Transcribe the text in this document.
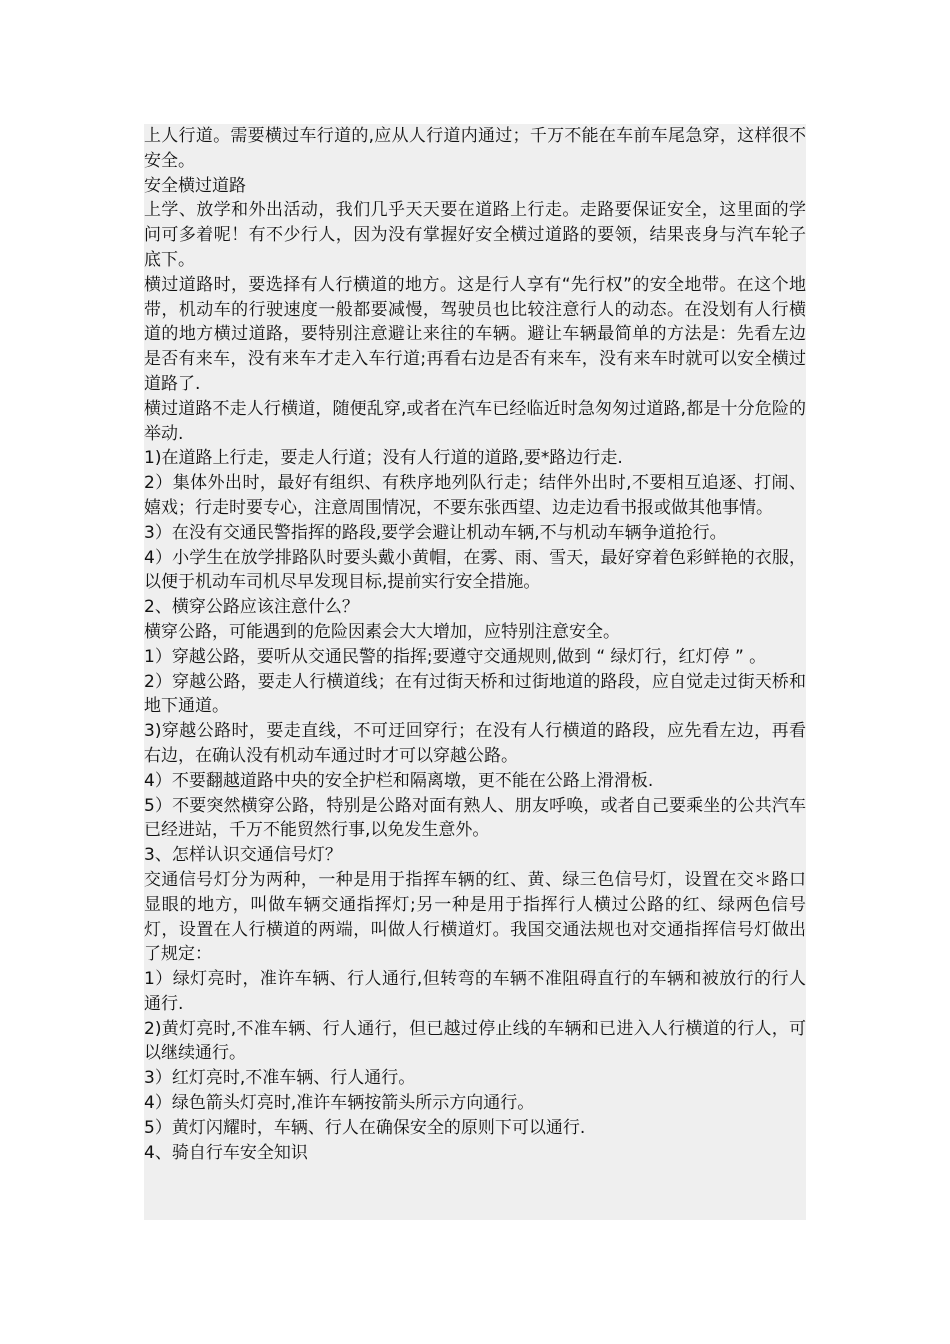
上人行道。需要横过车行道的,应从人行道内通过；千万不能在车前车尾急穿，这样很不安全。

安全横过道路

上学、放学和外出活动，我们几乎天天要在道路上行走。走路要保证安全，这里面的学问可多着呢！有不少行人，因为没有掌握好安全横过道路的要领，结果丧身与汽车轮子底下。

横过道路时，要选择有人行横道的地方。这是行人享有“先行权”的安全地带。在这个地带，机动车的行驶速度一般都要减慢，驾驶员也比较注意行人的动态。在没划有人行横道的地方横过道路，要特别注意避让来往的车辆。避让车辆最简单的方法是：先看左边是否有来车，没有来车才走入车行道;再看右边是否有来车，没有来车时就可以安全横过道路了.

横过道路不走人行横道，随便乱穿,或者在汽车已经临近时急匆匆过道路,都是十分危险的举动.

1)在道路上行走，要走人行道；没有人行道的道路,要*路边行走.

2）集体外出时，最好有组织、有秩序地列队行走；结伴外出时,不要相互追逐、打闹、嬉戏；行走时要专心，注意周围情况，不要东张西望、边走边看书报或做其他事情。

3）在没有交通民警指挥的路段,要学会避让机动车辆,不与机动车辆争道抢行。

4）小学生在放学排路队时要头戴小黄帽，在雾、雨、雪天，最好穿着色彩鲜艳的衣服，以便于机动车司机尽早发现目标,提前实行安全措施。

2、横穿公路应该注意什么？

横穿公路，可能遇到的危险因素会大大增加，应特别注意安全。

1）穿越公路，要听从交通民警的指挥;要遵守交通规则,做到 “ 绿灯行，红灯停 ” 。

2）穿越公路，要走人行横道线；在有过街天桥和过街地道的路段，应自觉走过街天桥和地下通道。

3)穿越公路时，要走直线，不可迂回穿行；在没有人行横道的路段，应先看左边，再看右边，在确认没有机动车通过时才可以穿越公路。

4）不要翻越道路中央的安全护栏和隔离墩，更不能在公路上滑滑板.

5）不要突然横穿公路，特别是公路对面有熟人、朋友呼唤，或者自己要乘坐的公共汽车已经进站，千万不能贸然行事,以免发生意外。

3、怎样认识交通信号灯？

交通信号灯分为两种，一种是用于指挥车辆的红、黄、绿三色信号灯，设置在交＊路口显眼的地方，叫做车辆交通指挥灯;另一种是用于指挥行人横过公路的红、绿两色信号灯，设置在人行横道的两端，叫做人行横道灯。我国交通法规也对交通指挥信号灯做出了规定：

1）绿灯亮时，准许车辆、行人通行,但转弯的车辆不准阻碍直行的车辆和被放行的行人通行.

2)黄灯亮时,不准车辆、行人通行，但已越过停止线的车辆和已进入人行横道的行人，可以继续通行。

3）红灯亮时,不准车辆、行人通行。

4）绿色箭头灯亮时,准许车辆按箭头所示方向通行。

5）黄灯闪耀时，车辆、行人在确保安全的原则下可以通行.

4、骑自行车安全知识
